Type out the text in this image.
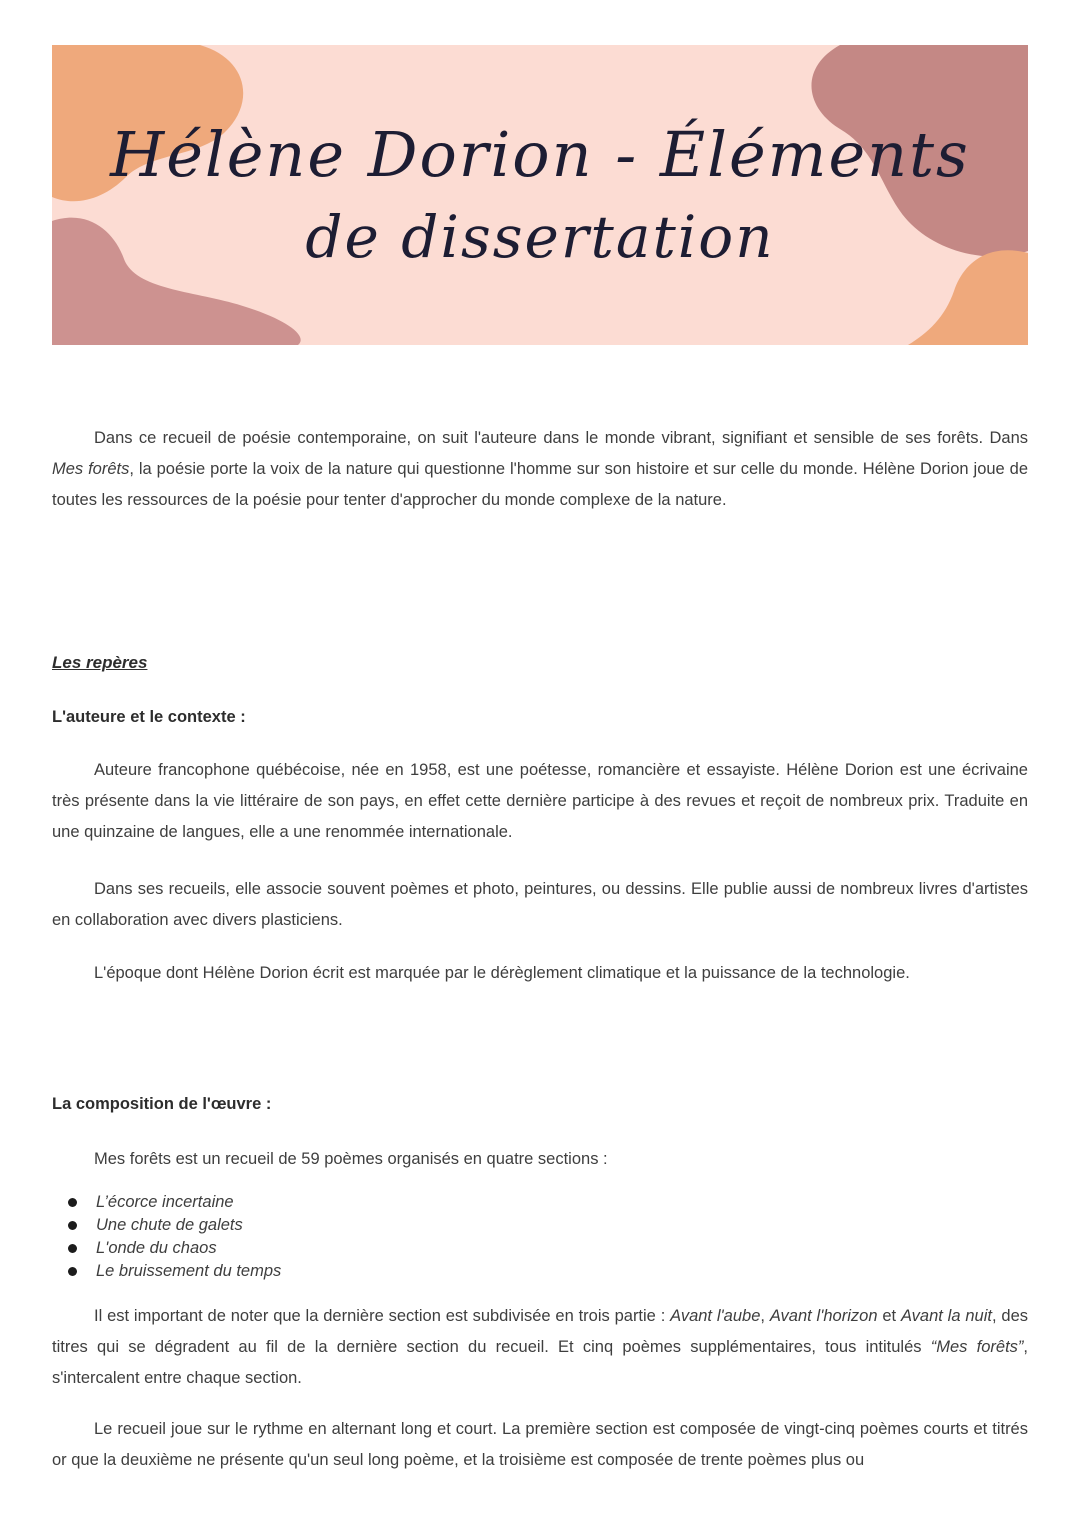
Hélène Dorion - Éléments
de dissertation

Dans ce recueil de poésie contemporaine, on suit l'auteure dans le monde vibrant, signifiant et sensible de ses forêts. Dans Mes forêts, la poésie porte la voix de la nature qui questionne l'homme sur son histoire et sur celle du monde. Hélène Dorion joue de toutes les ressources de la poésie pour tenter d'approcher du monde complexe de la nature.

Les repères
L'auteure et le contexte :

Auteure francophone québécoise, née en 1958, est une poétesse, romancière et essayiste. Hélène Dorion est une écrivaine très présente dans la vie littéraire de son pays, en effet cette dernière participe à des revues et reçoit de nombreux prix. Traduite en une quinzaine de langues, elle a une renommée internationale.

Dans ses recueils, elle associe souvent poèmes et photo, peintures, ou dessins. Elle publie aussi de nombreux livres d'artistes en collaboration avec divers plasticiens.

L'époque dont Hélène Dorion écrit est marquée par le dérèglement climatique et la puissance de la technologie.

La composition de l'œuvre :

Mes forêts est un recueil de 59 poèmes organisés en quatre sections :

L’écorce incertaine
Une chute de galets
L'onde du chaos
Le bruissement du temps

Il est important de noter que la dernière section est subdivisée en trois partie : Avant l'aube, Avant l'horizon et Avant la nuit, des titres qui se dégradent au fil de la dernière section du recueil. Et cinq poèmes supplémentaires, tous intitulés “Mes forêts”, s'intercalent entre chaque section.

Le recueil joue sur le rythme en alternant long et court. La première section est composée de vingt-cinq poèmes courts et titrés or que la deuxième ne présente qu'un seul long poème, et la troisième est composée de trente poèmes plus ou
